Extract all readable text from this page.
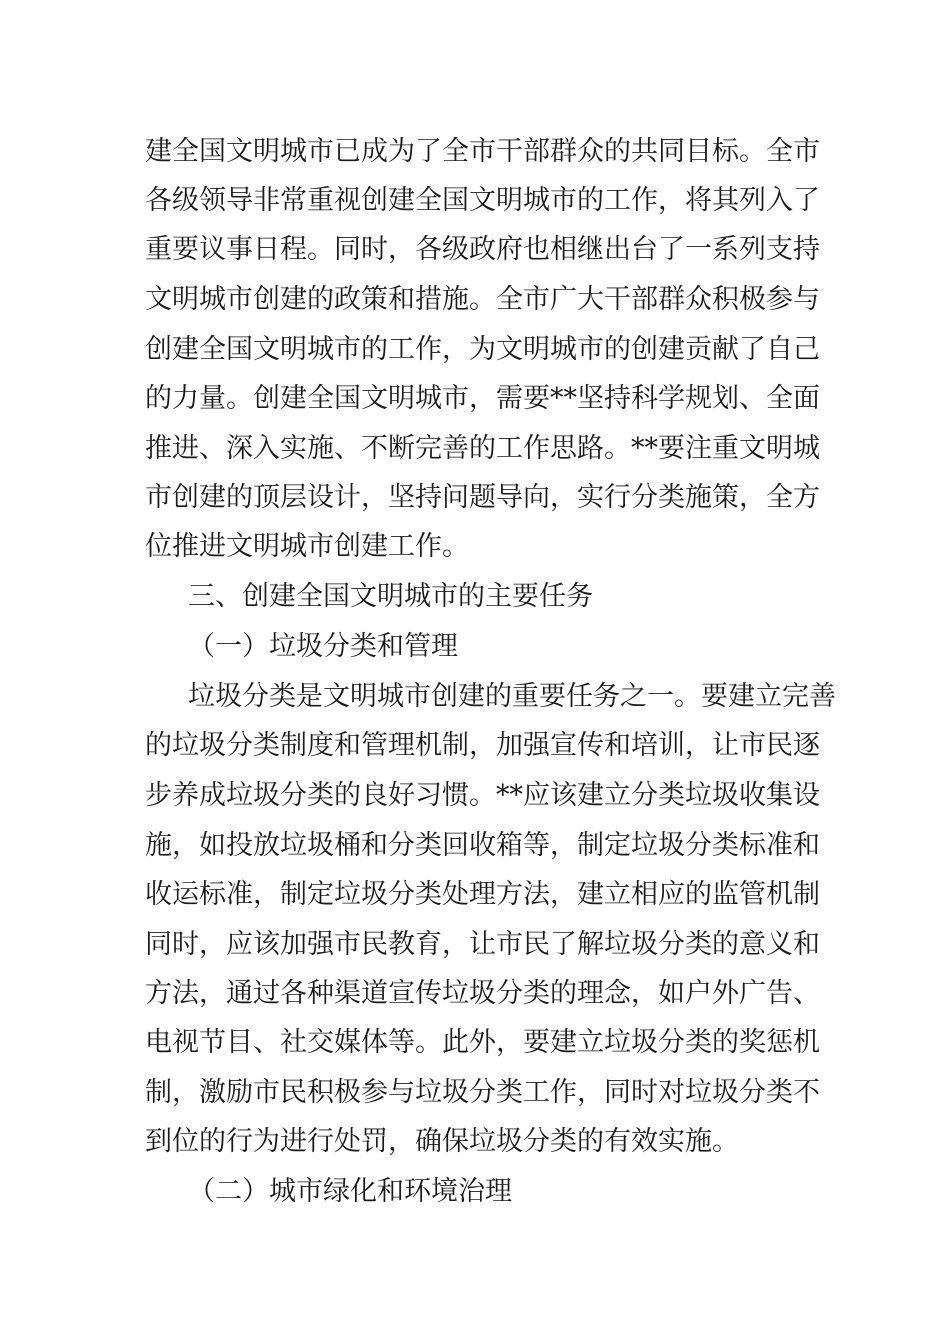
建全国文明城市已成为了全市干部群众的共同目标。全市
各级领导非常重视创建全国文明城市的工作，将其列入了
重要议事日程。同时，各级政府也相继出台了一系列支持
文明城市创建的政策和措施。全市广大干部群众积极参与
创建全国文明城市的工作，为文明城市的创建贡献了自己
的力量。创建全国文明城市，需要**坚持科学规划、全面
推进、深入实施、不断完善的工作思路。**要注重文明城
市创建的顶层设计，坚持问题导向，实行分类施策，全方
位推进文明城市创建工作。
三、创建全国文明城市的主要任务
（一）垃圾分类和管理
垃圾分类是文明城市创建的重要任务之一。要建立完善
的垃圾分类制度和管理机制，加强宣传和培训，让市民逐
步养成垃圾分类的良好习惯。**应该建立分类垃圾收集设
施，如投放垃圾桶和分类回收箱等，制定垃圾分类标准和
收运标准，制定垃圾分类处理方法，建立相应的监管机制
同时，应该加强市民教育，让市民了解垃圾分类的意义和
方法，通过各种渠道宣传垃圾分类的理念，如户外广告、
电视节目、社交媒体等。此外，要建立垃圾分类的奖惩机
制，激励市民积极参与垃圾分类工作，同时对垃圾分类不
到位的行为进行处罚，确保垃圾分类的有效实施。
（二）城市绿化和环境治理
